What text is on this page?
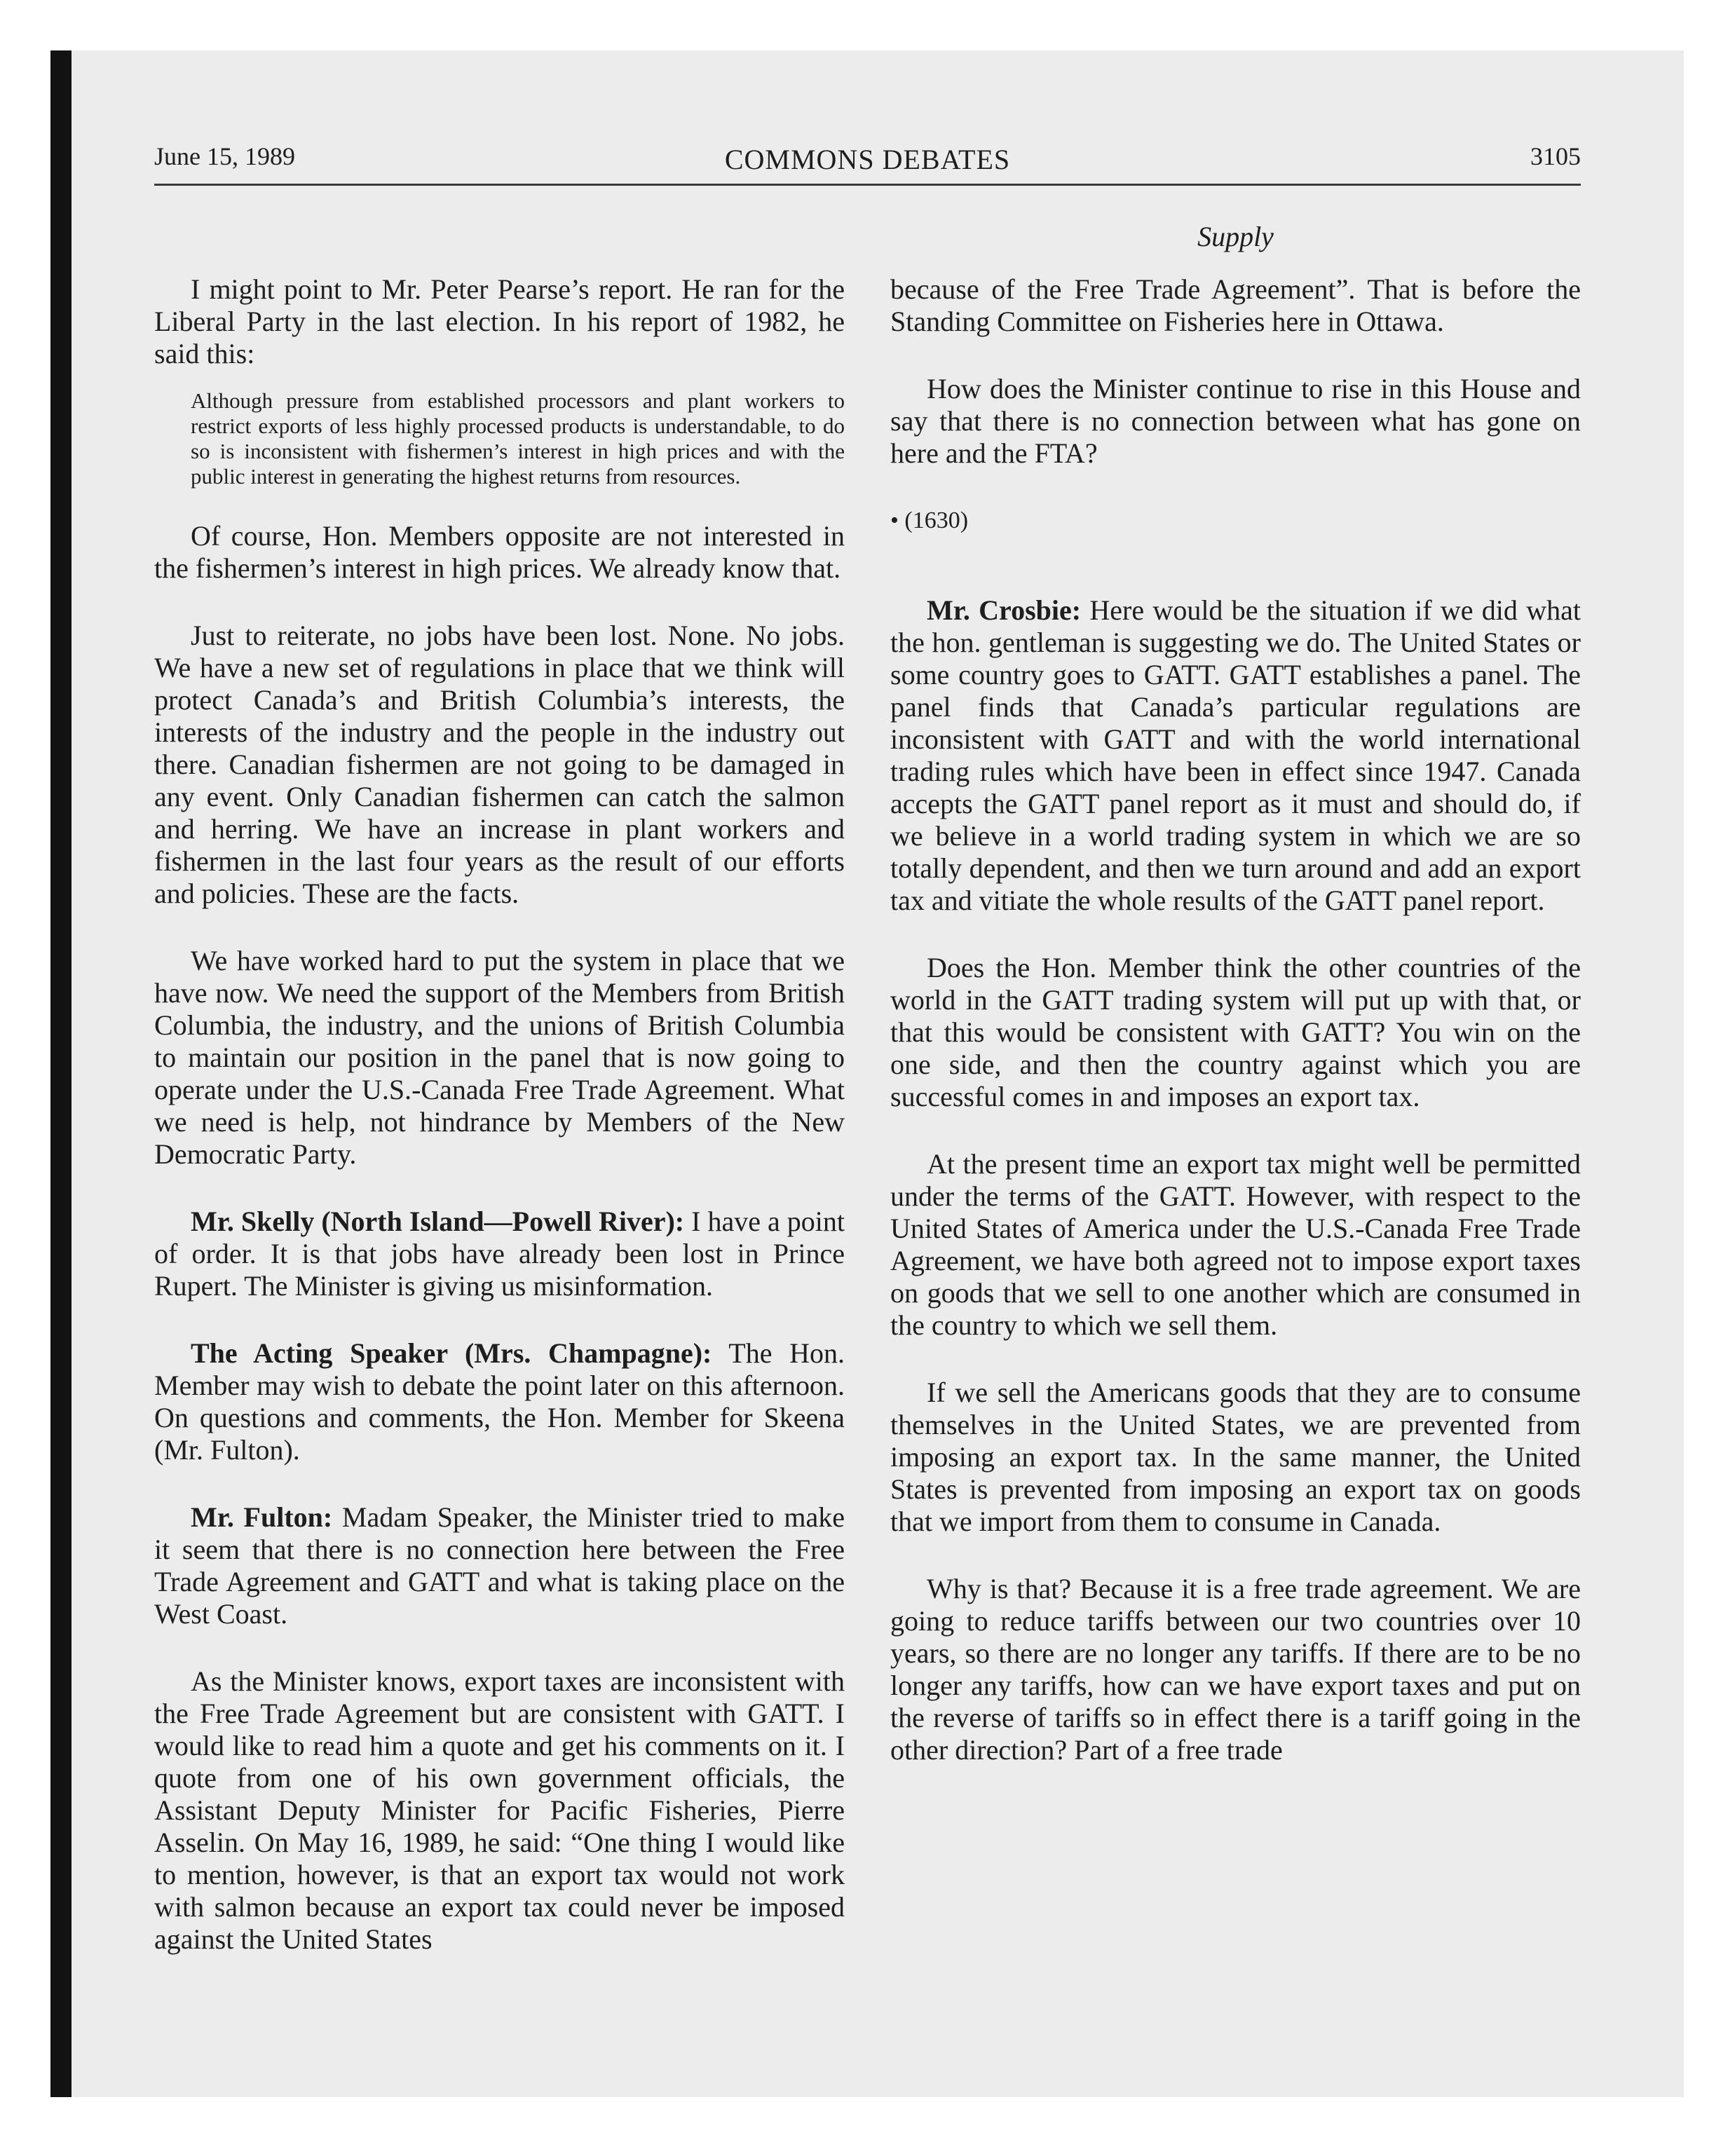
June 15, 1989	COMMONS DEBATES	3105
Supply

I might point to Mr. Peter Pearse’s report. He ran for the Liberal Party in the last election. In his report of 1982, he said this:

Although pressure from established processors and plant workers to restrict exports of less highly processed products is understandable, to do so is inconsistent with fishermen’s interest in high prices and with the public interest in generating the highest returns from resources.

Of course, Hon. Members opposite are not interested in the fishermen’s interest in high prices. We already know that.

Just to reiterate, no jobs have been lost. None. No jobs. We have a new set of regulations in place that we think will protect Canada’s and British Columbia’s interests, the interests of the industry and the people in the industry out there. Canadian fishermen are not going to be damaged in any event. Only Canadian fishermen can catch the salmon and herring. We have an increase in plant workers and fishermen in the last four years as the result of our efforts and policies. These are the facts.

We have worked hard to put the system in place that we have now. We need the support of the Members from British Columbia, the industry, and the unions of British Columbia to maintain our position in the panel that is now going to operate under the U.S.-Canada Free Trade Agreement. What we need is help, not hindrance by Members of the New Democratic Party.

Mr. Skelly (North Island—Powell River): I have a point of order. It is that jobs have already been lost in Prince Rupert. The Minister is giving us misinformation.

The Acting Speaker (Mrs. Champagne): The Hon. Member may wish to debate the point later on this afternoon. On questions and comments, the Hon. Member for Skeena (Mr. Fulton).

Mr. Fulton: Madam Speaker, the Minister tried to make it seem that there is no connection here between the Free Trade Agreement and GATT and what is taking place on the West Coast.

As the Minister knows, export taxes are inconsistent with the Free Trade Agreement but are consistent with GATT. I would like to read him a quote and get his comments on it. I quote from one of his own government officials, the Assistant Deputy Minister for Pacific Fisheries, Pierre Asselin. On May 16, 1989, he said: “One thing I would like to mention, however, is that an export tax would not work with salmon because an export tax could never be imposed against the United States

because of the Free Trade Agreement”. That is before the Standing Committee on Fisheries here in Ottawa.

How does the Minister continue to rise in this House and say that there is no connection between what has gone on here and the FTA?

• (1630)

Mr. Crosbie: Here would be the situation if we did what the hon. gentleman is suggesting we do. The United States or some country goes to GATT. GATT establishes a panel. The panel finds that Canada’s particular regulations are inconsistent with GATT and with the world international trading rules which have been in effect since 1947. Canada accepts the GATT panel report as it must and should do, if we believe in a world trading system in which we are so totally dependent, and then we turn around and add an export tax and vitiate the whole results of the GATT panel report.

Does the Hon. Member think the other countries of the world in the GATT trading system will put up with that, or that this would be consistent with GATT? You win on the one side, and then the country against which you are successful comes in and imposes an export tax.

At the present time an export tax might well be permitted under the terms of the GATT. However, with respect to the United States of America under the U.S.-Canada Free Trade Agreement, we have both agreed not to impose export taxes on goods that we sell to one another which are consumed in the country to which we sell them.

If we sell the Americans goods that they are to consume themselves in the United States, we are prevented from imposing an export tax. In the same manner, the United States is prevented from imposing an export tax on goods that we import from them to consume in Canada.

Why is that? Because it is a free trade agreement. We are going to reduce tariffs between our two countries over 10 years, so there are no longer any tariffs. If there are to be no longer any tariffs, how can we have export taxes and put on the reverse of tariffs so in effect there is a tariff going in the other direction? Part of a free trade
